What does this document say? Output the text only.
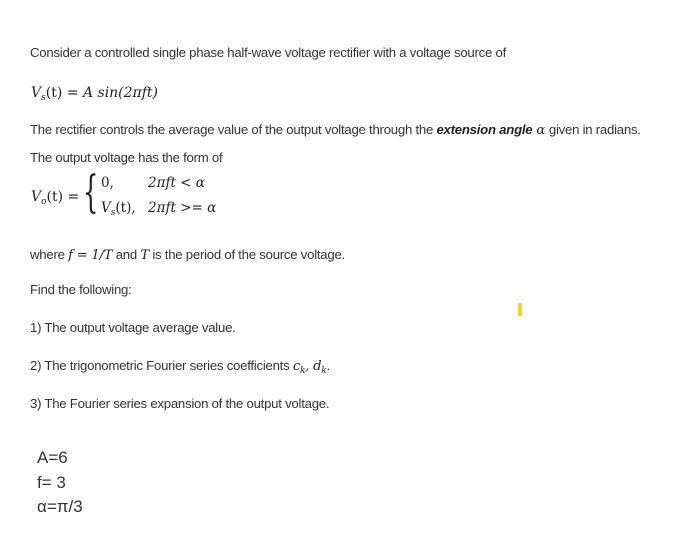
Consider a controlled single phase half-wave voltage rectifier with a voltage source of
$V_s(t) = A$ sin(2πft)
The rectifier controls the average value of the output voltage through the extension angle α given in radians.
The output voltage has the form of
$V_o(t)$ = { 0,	2πft < α
$V_s(t)$, 2πft >= α
where f = 1/T and T is the period of the source voltage.
Find the following:
1) The output voltage average value.
2) The trigonometric Fourier series coefficients $c_k$, $d_k$.
3) The Fourier series expansion of the output voltage.
A=6
f= 3
α=π/3
